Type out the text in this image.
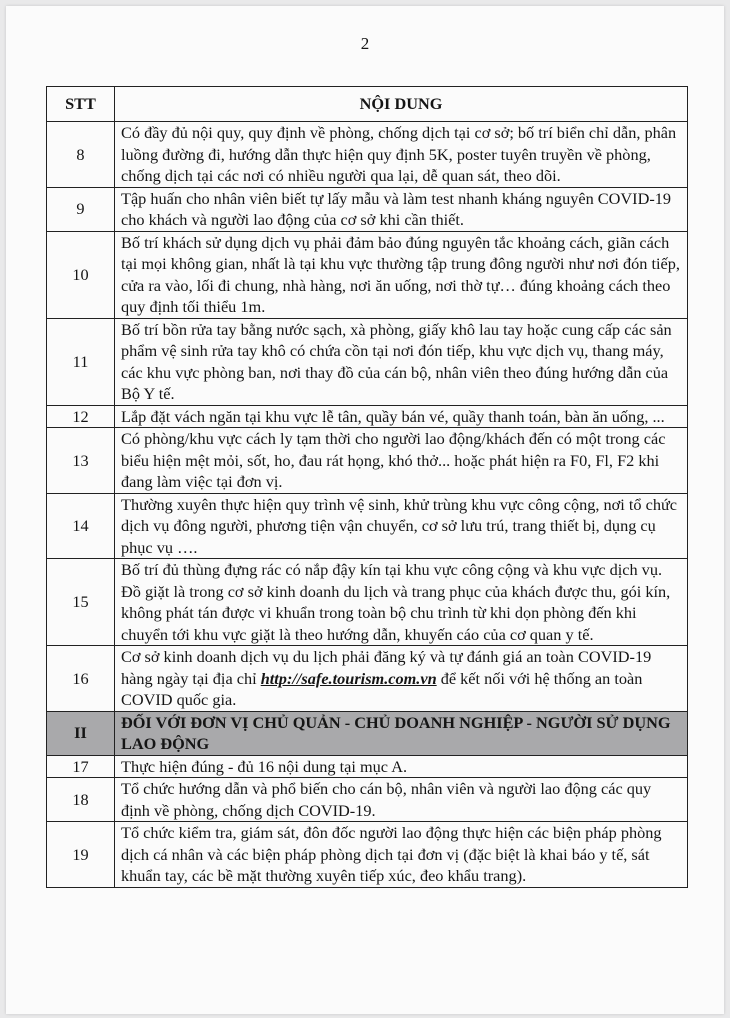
2
STT	NỘI DUNG
8	Có đầy đủ nội quy, quy định về phòng, chống dịch tại cơ sở; bố trí biển chỉ dẫn, phân luồng đường đi, hướng dẫn thực hiện quy định 5K, poster tuyên truyền về phòng, chống dịch tại các nơi có nhiều người qua lại, dễ quan sát, theo dõi.
9	Tập huấn cho nhân viên biết tự lấy mẫu và làm test nhanh kháng nguyên COVID-19 cho khách và người lao động của cơ sở khi cần thiết.
10	Bố trí khách sử dụng dịch vụ phải đảm bảo đúng nguyên tắc khoảng cách, giãn cách tại mọi không gian, nhất là tại khu vực thường tập trung đông người như nơi đón tiếp, cửa ra vào, lối đi chung, nhà hàng, nơi ăn uống, nơi thờ tự… đúng khoảng cách theo quy định tối thiểu 1m.
11	Bố trí bồn rửa tay bằng nước sạch, xà phòng, giấy khô lau tay hoặc cung cấp các sản phẩm vệ sinh rửa tay khô có chứa cồn tại nơi đón tiếp, khu vực dịch vụ, thang máy, các khu vực phòng ban, nơi thay đồ của cán bộ, nhân viên theo đúng hướng dẫn của Bộ Y tế.
12	Lắp đặt vách ngăn tại khu vực lễ tân, quầy bán vé, quầy thanh toán, bàn ăn uống, ...
13	Có phòng/khu vực cách ly tạm thời cho người lao động/khách đến có một trong các biểu hiện mệt mỏi, sốt, ho, đau rát họng, khó thở... hoặc phát hiện ra F0, Fl, F2 khi đang làm việc tại đơn vị.
14	Thường xuyên thực hiện quy trình vệ sinh, khử trùng khu vực công cộng, nơi tổ chức dịch vụ đông người, phương tiện vận chuyển, cơ sở lưu trú, trang thiết bị, dụng cụ phục vụ ….
15	Bố trí đủ thùng đựng rác có nắp đậy kín tại khu vực công cộng và khu vực dịch vụ. Đồ giặt là trong cơ sở kinh doanh du lịch và trang phục của khách được thu, gói kín, không phát tán được vi khuẩn trong toàn bộ chu trình từ khi dọn phòng đến khi chuyển tới khu vực giặt là theo hướng dẫn, khuyến cáo của cơ quan y tế.
16	Cơ sở kinh doanh dịch vụ du lịch phải đăng ký và tự đánh giá an toàn COVID-19 hàng ngày tại địa chỉ http://safe.tourism.com.vn để kết nối với hệ thống an toàn COVID quốc gia.
II	ĐỐI VỚI ĐƠN VỊ CHỦ QUẢN - CHỦ DOANH NGHIỆP - NGƯỜI SỬ DỤNG LAO ĐỘNG
17	Thực hiện đúng - đủ 16 nội dung tại mục A.
18	Tổ chức hướng dẫn và phổ biến cho cán bộ, nhân viên và người lao động các quy định về phòng, chống dịch COVID-19.
19	Tổ chức kiểm tra, giám sát, đôn đốc người lao động thực hiện các biện pháp phòng dịch cá nhân và các biện pháp phòng dịch tại đơn vị (đặc biệt là khai báo y tế, sát khuẩn tay, các bề mặt thường xuyên tiếp xúc, đeo khẩu trang).
